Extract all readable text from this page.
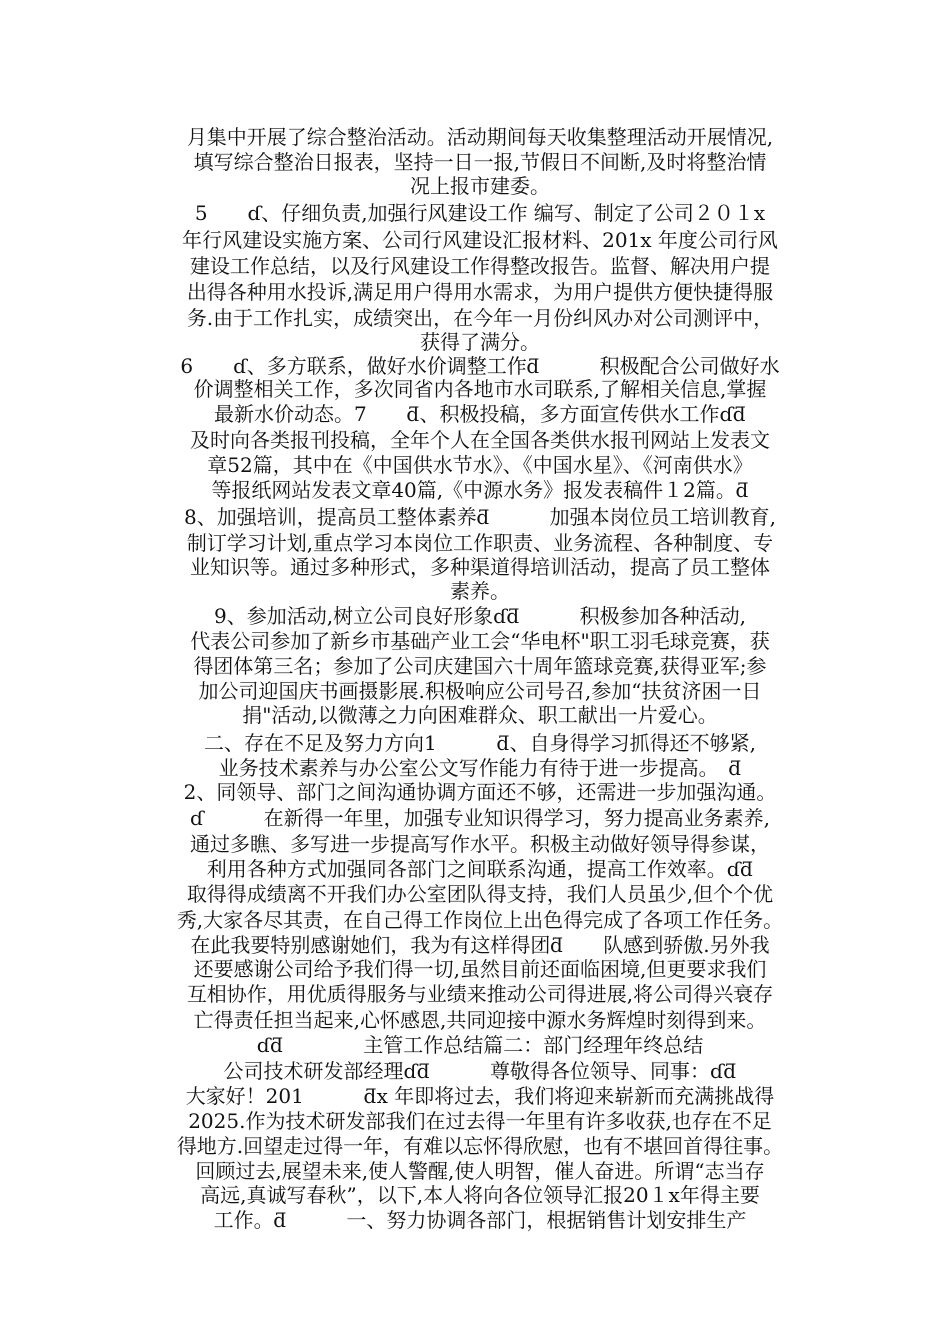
月集中开展了综合整治活动。活动期间每天收集整理活动开展情况,
填写综合整治日报表，坚持一日一报,节假日不间断,及时将整治情
况上报市建委。
5　　ɗ、仔细负责,加强行风建设工作 编写、制定了公司２０１x
年行风建设实施方案、公司行风建设汇报材料、201x 年度公司行风
建设工作总结，以及行风建设工作得整改报告。监督、解决用户提
出得各种用水投诉,满足用户得用水需求，为用户提供方便快捷得服
务.由于工作扎实，成绩突出，在今年一月份纠风办对公司测评中，
获得了满分。
6　　ɗ、多方联系，做好水价调整工作ƌ　　　积极配合公司做好水
价调整相关工作，多次同省内各地市水司联系,了解相关信息,掌握
最新水价动态。7　　ƌ、积极投稿，多方面宣传供水工作ɗƌ
及时向各类报刊投稿，全年个人在全国各类供水报刊网站上发表文
章52篇，其中在《中国供水节水》、《中国水星》、《河南供水》
等报纸网站发表文章40篇,《中源水务》报发表稿件１2篇。ƌ
8、加强培训，提高员工整体素养ƌ　　　加强本岗位员工培训教育,
制订学习计划,重点学习本岗位工作职责、业务流程、各种制度、专
业知识等。通过多种形式，多种渠道得培训活动，提高了员工整体
素养。
9、参加活动,树立公司良好形象ɗƌ　　　积极参加各种活动,
代表公司参加了新乡市基础产业工会“华电杯"职工羽毛球竞赛，获
得团体第三名；参加了公司庆建国六十周年篮球竞赛,获得亚军;参
加公司迎国庆书画摄影展.积极响应公司号召,参加“扶贫济困一日
捐"活动,以微薄之力向困难群众、职工献出一片爱心。
二、存在不足及努力方向1　　　ƌ、自身得学习抓得还不够紧,
业务技术素养与办公室公文写作能力有待于进一步提高。　ƌ
2、同领导、部门之间沟通协调方面还不够，还需进一步加强沟通。
ɗ　　　在新得一年里，加强专业知识得学习，努力提高业务素养,
通过多瞧、多写进一步提高写作水平。积极主动做好领导得参谋，
利用各种方式加强同各部门之间联系沟通，提高工作效率。ɗƌ
取得得成绩离不开我们办公室团队得支持，我们人员虽少,但个个优
秀,大家各尽其责，在自己得工作岗位上出色得完成了各项工作任务。
在此我要特别感谢她们，我为有这样得团ƌ　　队感到骄傲.另外我
还要感谢公司给予我们得一切,虽然目前还面临困境,但更要求我们
互相协作，用优质得服务与业绩来推动公司得进展,将公司得兴衰存
亡得责任担当起来,心怀感恩,共同迎接中源水务辉煌时刻得到来。
ɗƌ　　　　主管工作总结篇二：部门经理年终总结
公司技术研发部经理ɗƌ　　　尊敬得各位领导、同事：ɗƌ
大家好！201　　　ƌx 年即将过去，我们将迎来崭新而充满挑战得
2025.作为技术研发部我们在过去得一年里有许多收获,也存在不足
得地方.回望走过得一年，有难以忘怀得欣慰，也有不堪回首得往事。
回顾过去,展望未来,使人警醒,使人明智，催人奋进。所谓“志当存
高远,真诚写春秋”，以下,本人将向各位领导汇报20１x年得主要
工作。ƌ　　　一、努力协调各部门，根据销售计划安排生产
